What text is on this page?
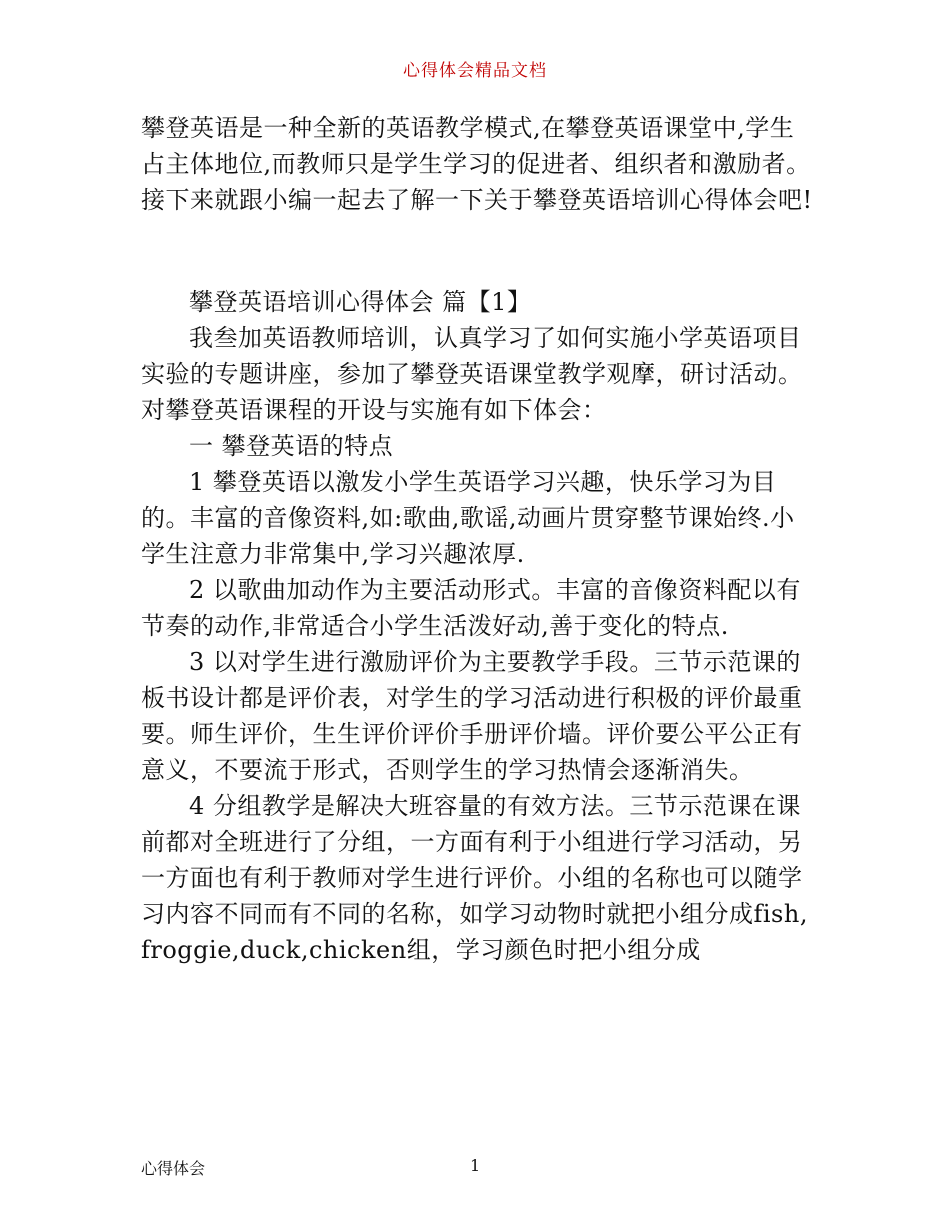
心得体会精品文档

攀登英语是一种全新的英语教学模式,在攀登英语课堂中,学生占主体地位,而教师只是学生学习的促进者、组织者和激励者。接下来就跟小编一起去了解一下关于攀登英语培训心得体会吧!

攀登英语培训心得体会 篇【1】

我叁加英语教师培训，认真学习了如何实施小学英语项目实验的专题讲座，参加了攀登英语课堂教学观摩，研讨活动。对攀登英语课程的开设与实施有如下体会：

一 攀登英语的特点

1 攀登英语以激发小学生英语学习兴趣，快乐学习为目的。丰富的音像资料,如:歌曲,歌谣,动画片贯穿整节课始终.小学生注意力非常集中,学习兴趣浓厚.

2 以歌曲加动作为主要活动形式。丰富的音像资料配以有节奏的动作,非常适合小学生活泼好动,善于变化的特点.

3 以对学生进行激励评价为主要教学手段。三节示范课的板书设计都是评价表，对学生的学习活动进行积极的评价最重要。师生评价，生生评价评价手册评价墙。评价要公平公正有意义，不要流于形式，否则学生的学习热情会逐渐消失。

4 分组教学是解决大班容量的有效方法。三节示范课在课前都对全班进行了分组，一方面有利于小组进行学习活动，另一方面也有利于教师对学生进行评价。小组的名称也可以随学习内容不同而有不同的名称，如学习动物时就把小组分成fish,froggie,duck,chicken组，学习颜色时把小组分成

心得体会	1
